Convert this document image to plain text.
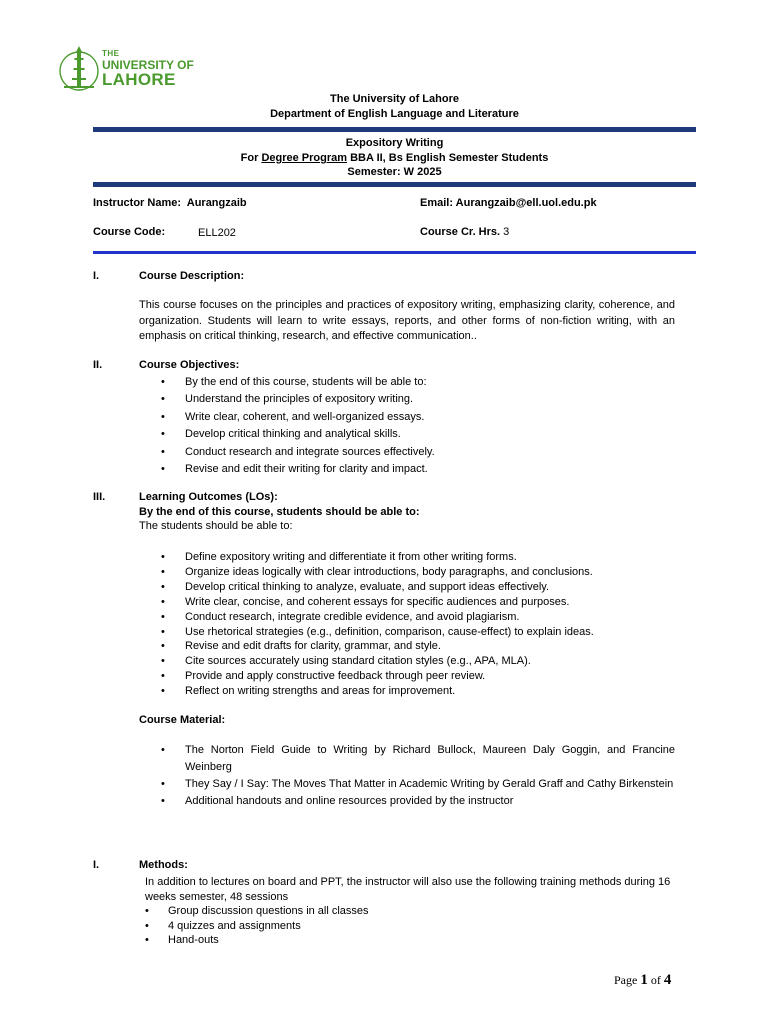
THE
UNIVERSITY OF
LAHORE
The University of Lahore
Department of English Language and Literature
Expository Writing
For Degree Program BBA II, Bs English Semester Students
Semester: W 2025
Instructor Name: Aurangzaib	Email: Aurangzaib@ell.uol.edu.pk
Course Code:	ELL202	Course Cr. Hrs. 3
I.	Course Description:
This course focuses on the principles and practices of expository writing, emphasizing clarity, coherence, and organization. Students will learn to write essays, reports, and other forms of non-fiction writing, with an emphasis on critical thinking, research, and effective communication..
II.	Course Objectives:
• By the end of this course, students will be able to:
• Understand the principles of expository writing.
• Write clear, coherent, and well-organized essays.
• Develop critical thinking and analytical skills.
• Conduct research and integrate sources effectively.
• Revise and edit their writing for clarity and impact.
III.	Learning Outcomes (LOs):
By the end of this course, students should be able to:
The students should be able to:
• Define expository writing and differentiate it from other writing forms.
• Organize ideas logically with clear introductions, body paragraphs, and conclusions.
• Develop critical thinking to analyze, evaluate, and support ideas effectively.
• Write clear, concise, and coherent essays for specific audiences and purposes.
• Conduct research, integrate credible evidence, and avoid plagiarism.
• Use rhetorical strategies (e.g., definition, comparison, cause-effect) to explain ideas.
• Revise and edit drafts for clarity, grammar, and style.
• Cite sources accurately using standard citation styles (e.g., APA, MLA).
• Provide and apply constructive feedback through peer review.
• Reflect on writing strengths and areas for improvement.
Course Material:
• The Norton Field Guide to Writing by Richard Bullock, Maureen Daly Goggin, and Francine Weinberg
• They Say / I Say: The Moves That Matter in Academic Writing by Gerald Graff and Cathy Birkenstein
• Additional handouts and online resources provided by the instructor
I.	Methods:
In addition to lectures on board and PPT, the instructor will also use the following training methods during 16 weeks semester, 48 sessions
• Group discussion questions in all classes
• 4 quizzes and assignments
• Hand-outs
Page 1 of 4
